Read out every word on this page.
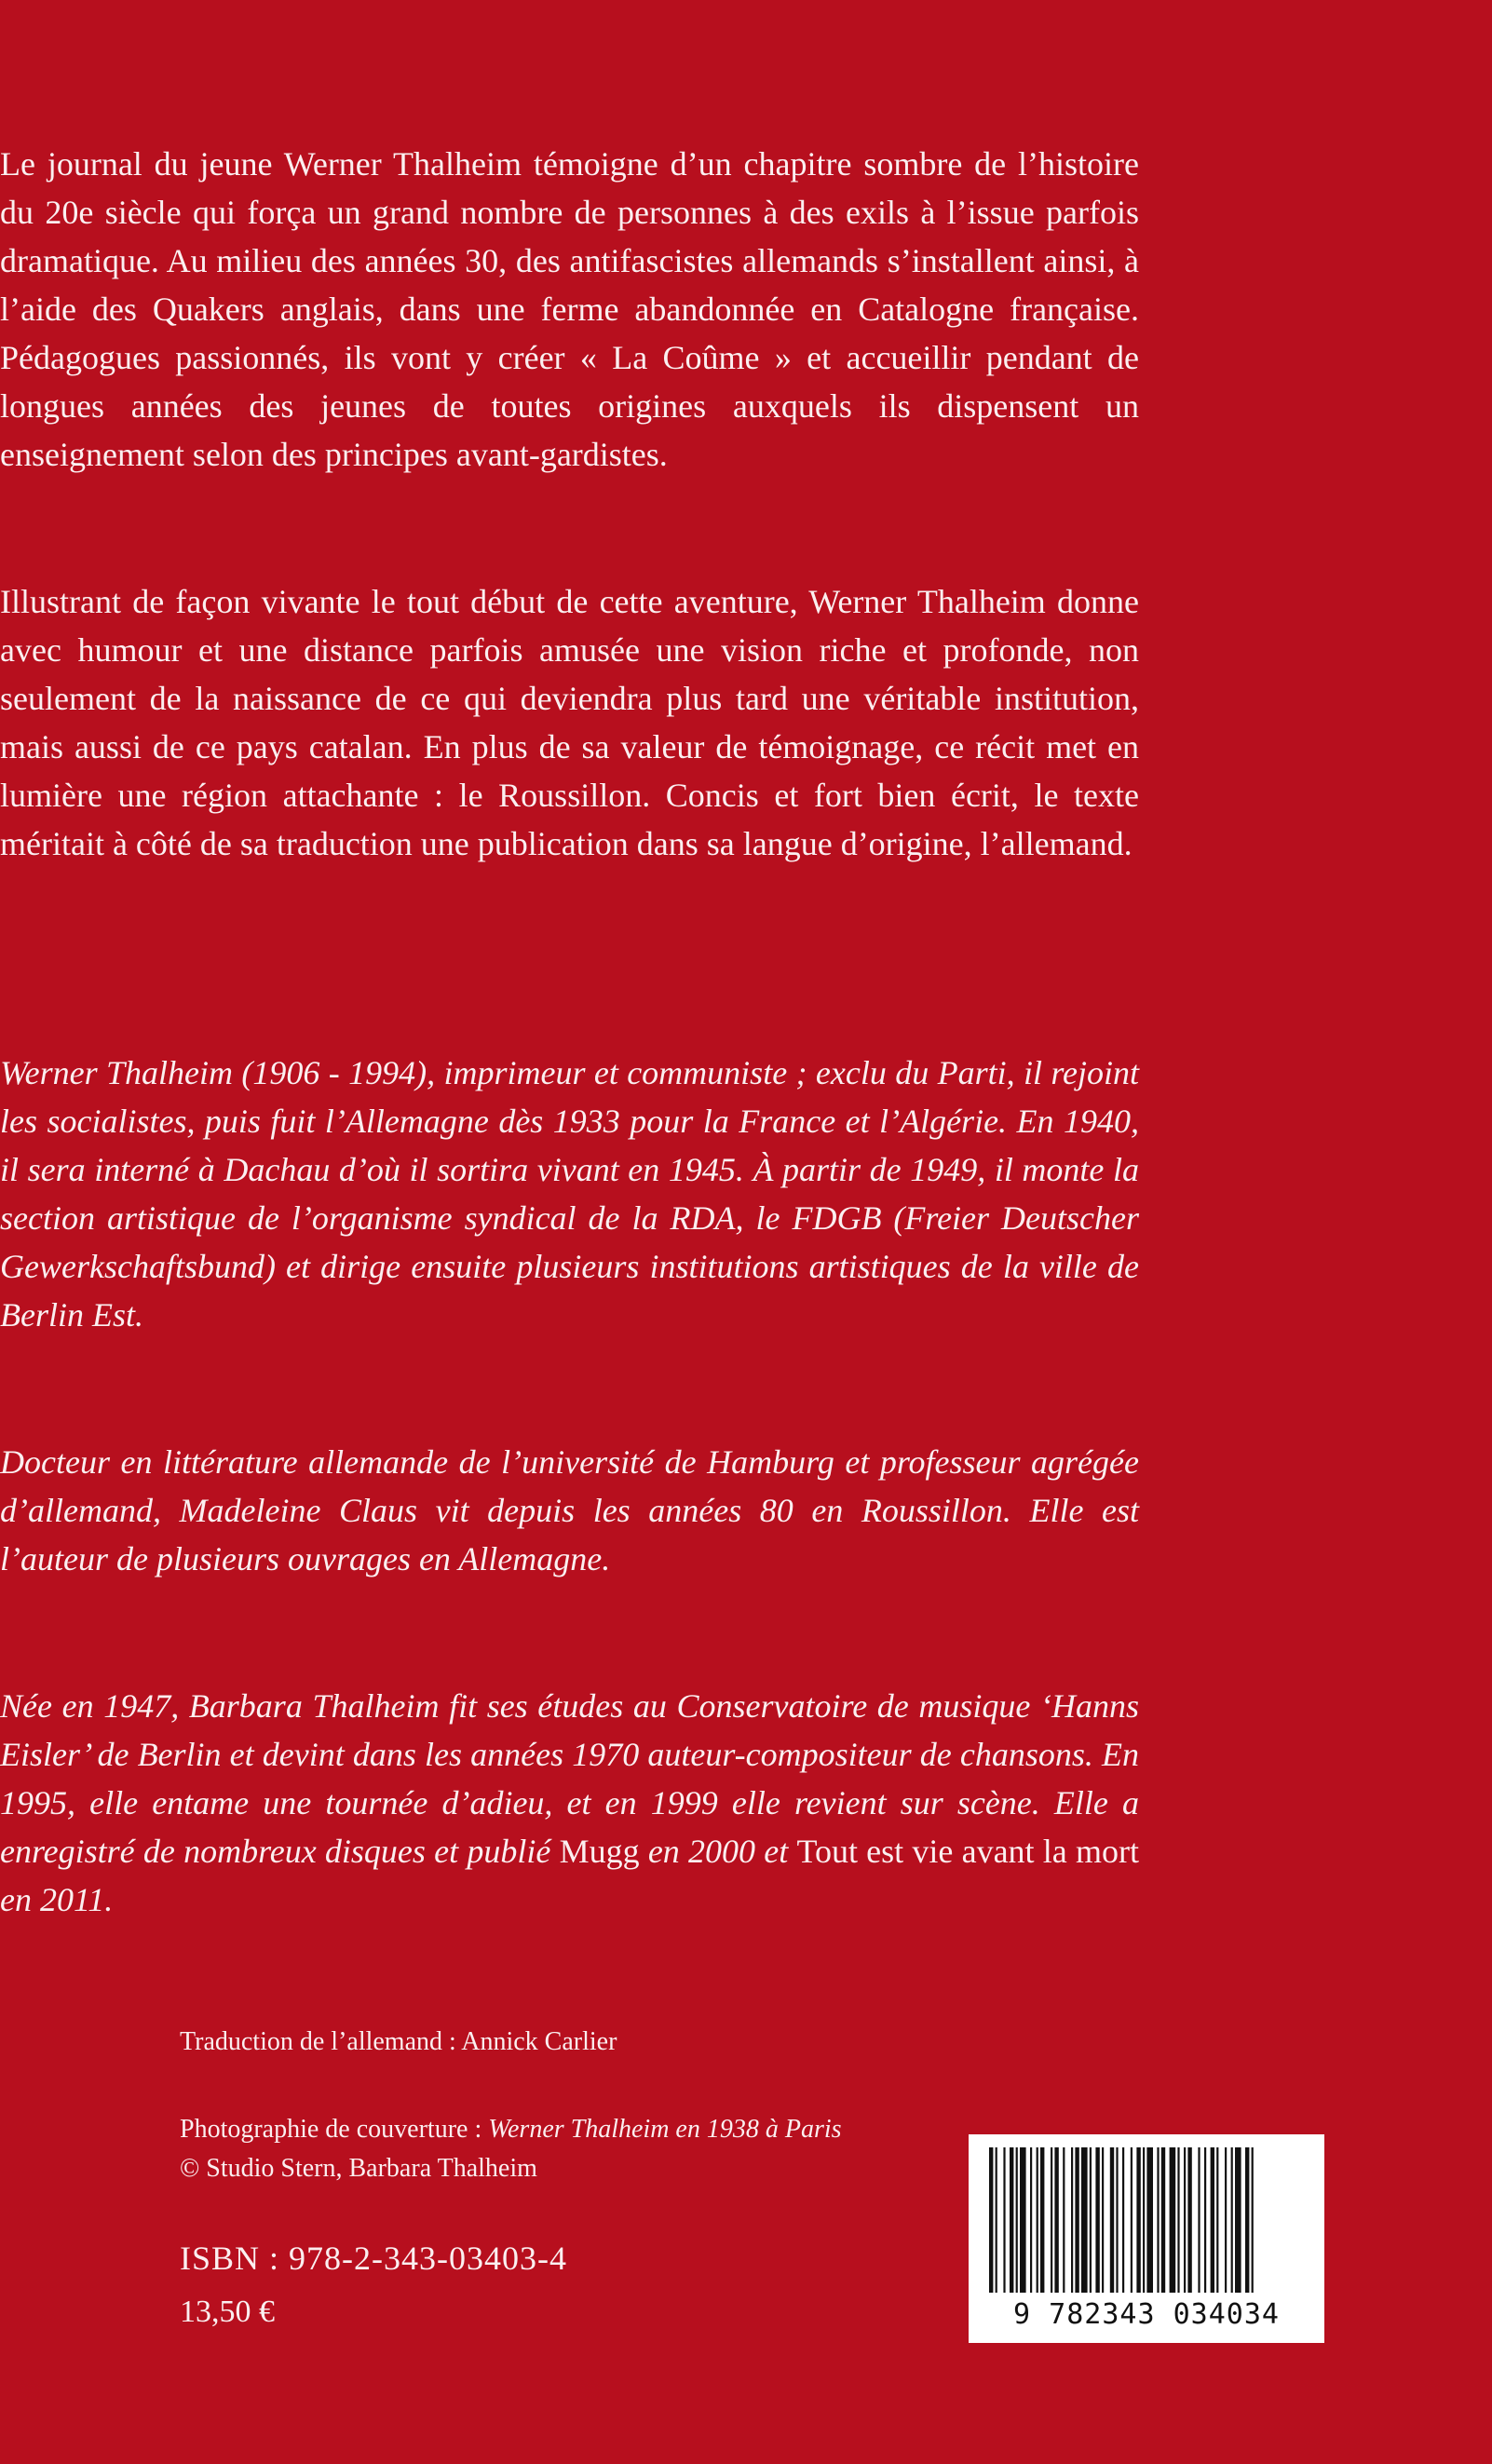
Le journal du jeune Werner Thalheim témoigne d’un chapitre sombre de l’histoire du 20e siècle qui força un grand nombre de personnes à des exils à l’issue parfois dramatique. Au milieu des années 30, des antifascistes allemands s’installent ainsi, à l’aide des Quakers anglais, dans une ferme abandonnée en Catalogne française. Pédagogues passionnés, ils vont y créer « La Coûme » et accueillir pendant de longues années des jeunes de toutes origines auxquels ils dispensent un enseignement selon des principes avant-gardistes.

Illustrant de façon vivante le tout début de cette aventure, Werner Thalheim donne avec humour et une distance parfois amusée une vision riche et profonde, non seulement de la naissance de ce qui deviendra plus tard une véritable institution, mais aussi de ce pays catalan. En plus de sa valeur de témoignage, ce récit met en lumière une région attachante : le Roussillon. Concis et fort bien écrit, le texte méritait à côté de sa traduction une publication dans sa langue d’origine, l’allemand.

Werner Thalheim (1906 - 1994), imprimeur et communiste ; exclu du Parti, il rejoint les socialistes, puis fuit l’Allemagne dès 1933 pour la France et l’Algérie. En 1940, il sera interné à Dachau d’où il sortira vivant en 1945. À partir de 1949, il monte la section artistique de l’organisme syndical de la RDA, le FDGB (Freier Deutscher Gewerkschaftsbund) et dirige ensuite plusieurs institutions artistiques de la ville de Berlin Est.

Docteur en littérature allemande de l’université de Hamburg et professeur agrégée d’allemand, Madeleine Claus vit depuis les années 80 en Roussillon. Elle est l’auteur de plusieurs ouvrages en Allemagne.

Née en 1947, Barbara Thalheim fit ses études au Conservatoire de musique ‘Hanns Eisler’ de Berlin et devint dans les années 1970 auteur-compositeur de chansons. En 1995, elle entame une tournée d’adieu, et en 1999 elle revient sur scène. Elle a enregistré de nombreux disques et publié Mugg en 2000 et Tout est vie avant la mort en 2011.

Traduction de l’allemand : Annick Carlier
Photographie de couverture : Werner Thalheim en 1938 à Paris © Studio Stern, Barbara Thalheim
ISBN : 978-2-343-03403-4
13,50 €	9 782343 034034
